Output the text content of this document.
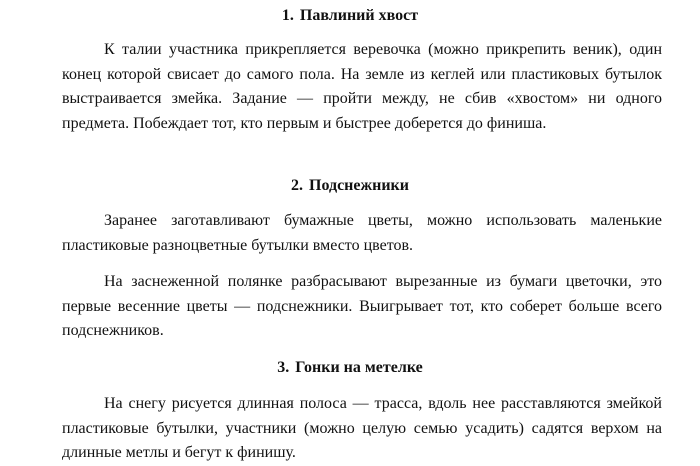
1. Павлиний хвост

К талии участника прикрепляется веревочка (можно прикрепить веник), один конец которой свисает до самого пола. На земле из кеглей или пластиковых бутылок выстраивается змейка. Задание — пройти между, не сбив «хвостом» ни одного предмета. Побеждает тот, кто первым и быстрее доберется до финиша.

2. Подснежники

Заранее заготавливают бумажные цветы, можно использовать маленькие пластиковые разноцветные бутылки вместо цветов.

На заснеженной полянке разбрасывают вырезанные из бумаги цветочки, это первые весенние цветы — подснежники. Выигрывает тот, кто соберет больше всего подснежников.

3. Гонки на метелке

На снегу рисуется длинная полоса — трасса, вдоль нее расставляются змейкой пластиковые бутылки, участники (можно целую семью усадить) садятся верхом на длинные метлы и бегут к финишу.
